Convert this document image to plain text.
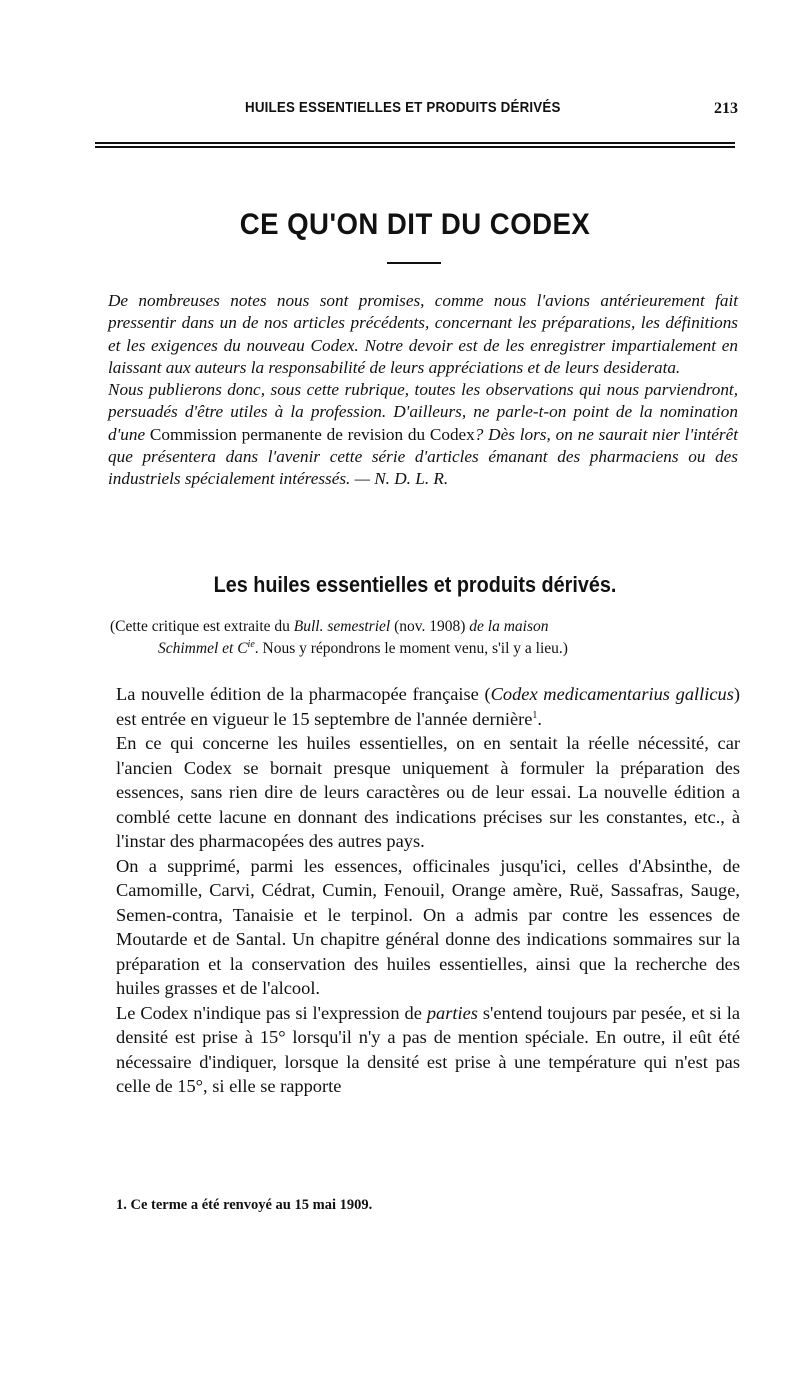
HUILES ESSENTIELLES ET PRODUITS DÉRIVÉS	213
CE QU'ON DIT DU CODEX

De nombreuses notes nous sont promises, comme nous l'avions antérieurement fait pressentir dans un de nos articles précédents, concernant les préparations, les définitions et les exigences du nouveau Codex. Notre devoir est de les enregistrer impartialement en laissant aux auteurs la responsabilité de leurs appréciations et de leurs desiderata.

Nous publierons donc, sous cette rubrique, toutes les observations qui nous parviendront, persuadés d'être utiles à la profession. D'ailleurs, ne parle-t-on point de la nomination d'une Commission permanente de revision du Codex? Dès lors, on ne saurait nier l'intérêt que présentera dans l'avenir cette série d'articles émanant des pharmaciens ou des industriels spécialement intéressés. — N. D. L. R.

Les huiles essentielles et produits dérivés.
(Cette critique est extraite du Bull. semestriel (nov. 1908) de la maison
Schimmel et $C^{ie}$. Nous y répondrons le moment venu, s'il y a lieu.)

La nouvelle édition de la pharmacopée française (Codex medicamentarius gallicus) est entrée en vigueur le 15 septembre de l'année dernière$^1$.

En ce qui concerne les huiles essentielles, on en sentait la réelle nécessité, car l'ancien Codex se bornait presque uniquement à formuler la préparation des essences, sans rien dire de leurs caractères ou de leur essai. La nouvelle édition a comblé cette lacune en donnant des indications précises sur les constantes, etc., à l'instar des pharmacopées des autres pays.

On a supprimé, parmi les essences, officinales jusqu'ici, celles d'Absinthe, de Camomille, Carvi, Cédrat, Cumin, Fenouil, Orange amère, Ruë, Sassafras, Sauge, Semen-contra, Tanaisie et le terpinol. On a admis par contre les essences de Moutarde et de Santal. Un chapitre général donne des indications sommaires sur la préparation et la conservation des huiles essentielles, ainsi que la recherche des huiles grasses et de l'alcool.

Le Codex n'indique pas si l'expression de parties s'entend toujours par pesée, et si la densité est prise à 15° lorsqu'il n'y a pas de mention spéciale. En outre, il eût été nécessaire d'indiquer, lorsque la densité est prise à une température qui n'est pas celle de 15°, si elle se rapporte

1. Ce terme a été renvoyé au 15 mai 1909.
